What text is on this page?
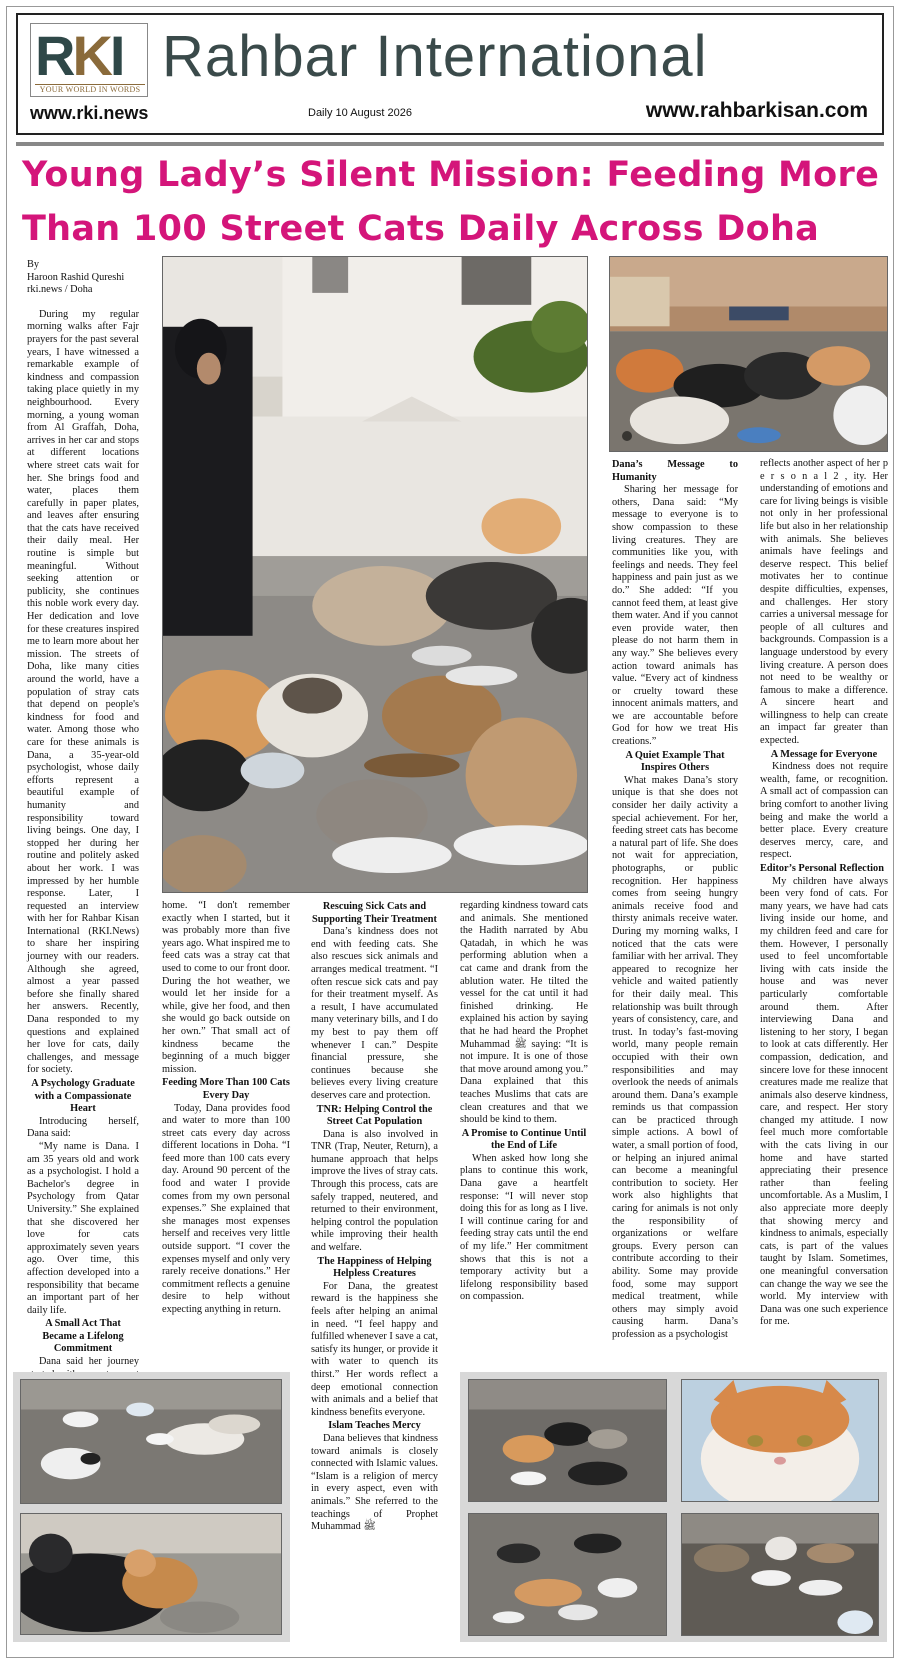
RKI
YOUR WORLD IN WORDS
Rahbar International
www.rki.news	Daily 10 August 2026	www.rahbarkisan.com
Young Lady’s Silent Mission: Feeding More
Than 100 Street Cats Daily Across Doha
By
Haroon Rashid Qureshi
rki.news / Doha

During my regular morning walks after Fajr prayers for the past several years, I have witnessed a remarkable example of kindness and compassion taking place quietly in my neighbourhood. Every morning, a young woman from Al Graffah, Doha, arrives in her car and stops at different locations where street cats wait for her. She brings food and water, places them carefully in paper plates, and leaves after ensuring that the cats have received their daily meal. Her routine is simple but meaningful. Without seeking attention or publicity, she continues this noble work every day. Her dedication and love for these creatures inspired me to learn more about her mission. The streets of Doha, like many cities around the world, have a population of stray cats that depend on people's kindness for food and water. Among those who care for these animals is Dana, a 35-year-old psychologist, whose daily efforts represent a beautiful example of humanity and responsibility toward living beings. One day, I stopped her during her routine and politely asked about her work. I was impressed by her humble response. Later, I requested an interview with her for Rahbar Kisan International (RKI.News) to share her inspiring journey with our readers. Although she agreed, almost a year passed before she finally shared her answers. Recently, Dana responded to my questions and explained her love for cats, daily challenges, and message for society.

A Psychology Graduate with a Compassionate Heart

Introducing herself, Dana said:

“My name is Dana. I am 35 years old and work as a psychologist. I hold a Bachelor's degree in Psychology from Qatar University.” She explained that she discovered her love for cats approximately seven years ago. Over time, this affection developed into a responsibility that became an important part of her daily life.

A Small Act That Became a Lifelong Commitment

Dana said her journey

home. “I don't remember exactly when I started, but it was probably more than five years ago. What inspired me to feed cats was a stray cat that used to come to our front door. During the hot weather, we would let her inside for a while, give her food, and then she would go back outside on her own.” That small act of kindness became the beginning of a much bigger mission.

Feeding More Than 100 Cats Every Day

Today, Dana provides food and water to more than 100 street cats every day across different locations in Doha. “I feed more than 100 cats every day. Around 90 percent of the food and water I provide comes from my own personal expenses.” She explained that she manages most expenses herself and receives very little outside support. “I cover the expenses myself and only very rarely receive donations.” Her commitment reflects a genuine desire to help without expecting anything in return.

Rescuing Sick Cats and Supporting Their Treatment

Dana’s kindness does not end with feeding cats. She also rescues sick animals and arranges medical treatment. “I often rescue sick cats and pay for their treatment myself. As a result, I have accumulated many veterinary bills, and I do my best to pay them off whenever I can.” Despite financial pressure, she continues because she believes every living creature deserves care and protection.

TNR: Helping Control the Street Cat Population

Dana is also involved in TNR (Trap, Neuter, Return), a humane approach that helps improve the lives of stray cats. Through this process, cats are safely trapped, neutered, and returned to their environment, helping control the population while improving their health and welfare.

The Happiness of Helping Helpless Creatures

For Dana, the greatest reward is the happiness she feels after helping an animal in need. “I feel happy and fulfilled whenever I save a cat, satisfy its hunger, or provide it with water to quench its thirst.” Her words reflect a deep emotional connection with animals and a belief that kindness benefits everyone.

Islam Teaches Mercy

Dana believes that kindness toward animals is closely connected with Islamic values. “Islam is a religion of mercy in every aspect, even with animals.” She referred to the teachings of Prophet Muhammad ﷺ

regarding kindness toward cats and animals. She mentioned the Hadith narrated by Abu Qatadah, in which he was performing ablution when a cat came and drank from the ablution water. He tilted the vessel for the cat until it had finished drinking. He explained his action by saying that he had heard the Prophet Muhammad ﷺ saying: “It is not impure. It is one of those that move around among you.” Dana explained that this teaches Muslims that cats are clean creatures and that we should be kind to them.

A Promise to Continue Until the End of Life

When asked how long she plans to continue this work, Dana gave a heartfelt response: “I will never stop doing this for as long as I live. I will continue caring for and feeding stray cats until the end of my life.” Her commitment shows that this is not a temporary activity but a lifelong responsibility based on compassion.

Dana’s Message to Humanity

Sharing her message for others, Dana said: “My message to everyone is to show compassion to these living creatures. They are communities like you, with feelings and needs. They feel happiness and pain just as we do.” She added: “If you cannot feed them, at least give them water. And if you cannot even provide water, then please do not harm them in any way.” She believes every action toward animals has value. “Every act of kindness or cruelty toward these innocent animals matters, and we are accountable before God for how we treat His creations.”

A Quiet Example That Inspires Others

What makes Dana’s story unique is that she does not consider her daily activity a special achievement. For her, feeding street cats has become a natural part of life. She does not wait for appreciation, photographs, or public recognition. Her happiness comes from seeing hungry animals receive food and thirsty animals receive water. During my morning walks, I noticed that the cats were familiar with her arrival. They appeared to recognize her vehicle and waited patiently for their daily meal. This relationship was built through years of consistency, care, and trust. In today’s fast-moving world, many people remain occupied with their own responsibilities and may overlook the needs of animals around them. Dana’s example reminds us that compassion can be practiced through simple actions. A bowl of water, a small portion of food, or helping an injured animal can become a meaningful contribution to society. Her work also highlights that caring for animals is not only the responsibility of organizations or welfare groups. Every person can contribute according to their ability. Some may provide food, some may support medical treatment, while others may simply avoid causing harm. Dana’s profession as a psychologist

reflects another aspect of her p e r s o n a l 2 , ity. Her understanding of emotions and care for living beings is visible not only in her professional life but also in her relationship with animals. She believes animals have feelings and deserve respect. This belief motivates her to continue despite difficulties, expenses, and challenges. Her story carries a universal message for people of all cultures and backgrounds. Compassion is a language understood by every living creature. A person does not need to be wealthy or famous to make a difference. A sincere heart and willingness to help can create an impact far greater than expected.

A Message for Everyone

Kindness does not require wealth, fame, or recognition. A small act of compassion can bring comfort to another living being and make the world a better place. Every creature deserves mercy, care, and respect.

Editor’s Personal Reflection

My children have always been very fond of cats. For many years, we have had cats living inside our home, and my children feed and care for them. However, I personally used to feel uncomfortable living with cats inside the house and was never particularly comfortable around them. After interviewing Dana and listening to her story, I began to look at cats differently. Her compassion, dedication, and sincere love for these innocent creatures made me realize that animals also deserve kindness, care, and respect. Her story changed my attitude. I now feel much more comfortable with the cats living in our home and have started appreciating their presence rather than feeling uncomfortable. As a Muslim, I also appreciate more deeply that showing mercy and kindness to animals, especially cats, is part of the values taught by Islam. Sometimes, one meaningful conversation can change the way we see the world. My interview with Dana was one such experience for me.
